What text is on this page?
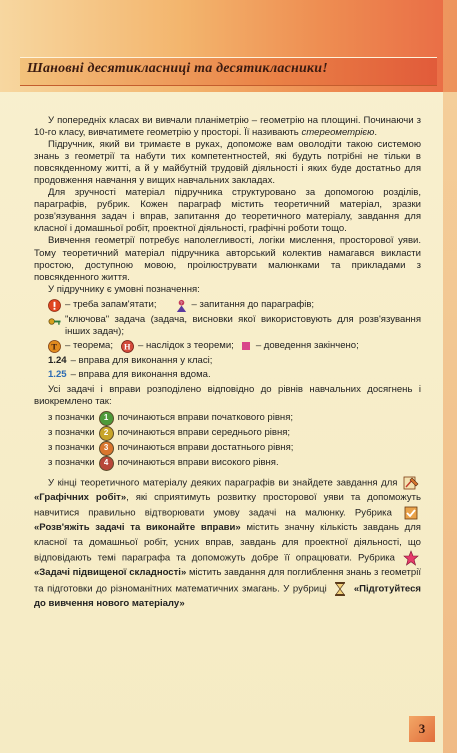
Шановні десятикласниці та десятикласники!

У попередніх класах ви вивчали планіметрію – геометрію на площині. Починаючи з 10-го класу, вивчатимете геометрію у просторі. Її називають стереометрією.

Підручник, який ви тримаєте в руках, допоможе вам оволодіти такою системою знань з геометрії та набути тих компетентностей, які будуть потрібні не тільки в повсякденному житті, а й у майбутній трудовій діяльності і яких буде достатньо для продовження навчання у вищих навчальних закладах.

Для зручності матеріал підручника структуровано за допомогою розділів, параграфів, рубрик. Кожен параграф містить теоретичний матеріал, зразки розв'язування задач і вправ, запитання до теоретичного матеріалу, завдання для класної і домашньої робіт, проектної діяльності, графічні роботи тощо.

Вивчення геометрії потребує наполегливості, логіки мислення, просторової уяви. Тому теоретичний матеріал підручника авторський колектив намагався викласти простою, доступною мовою, проілюструвати малюнками та прикладами з повсякденного життя.

У підручнику є умовні позначення:

– треба запам'ятати;	? – запитання до параграфів;
"ключова" задача (задача, висновки якої використовують для розв'язування інших задач);
T – теорема; H – наслідок з теореми; – доведення закінчено;
1.24 – вправа для виконання у класі;
1.25 – вправа для виконання вдома.

Усі задачі і вправи розподілено відповідно до рівнів навчальних досягнень і виокремлено так:

з позначки	1 починаються вправи початкового рівня;
з позначки	2 починаються вправи середнього рівня;
з позначки	3 починаються вправи достатнього рівня;
з позначки	4 починаються вправи високого рівня.

У кінці теоретичного матеріалу деяких параграфів ви знайдете завдання для  «Графічних робіт», які сприятимуть розвитку просторової уяви та допоможуть навчитися правильно відтворювати умову задачі на малюнку. Рубрика  «Розв'яжіть задачі та виконайте вправи» містить значну кількість завдань для класної та домашньої робіт, усних вправ, завдань для проектної діяльності, що відповідають темі параграфа та допоможуть добре її опрацювати. Рубрика  «Задачі підвищеної складності» містить завдання для поглиблення знань з геометрії та підготовки до різноманітних математичних змагань. У рубриці	«Підготуйтеся до вивчення нового матеріалу»

3
